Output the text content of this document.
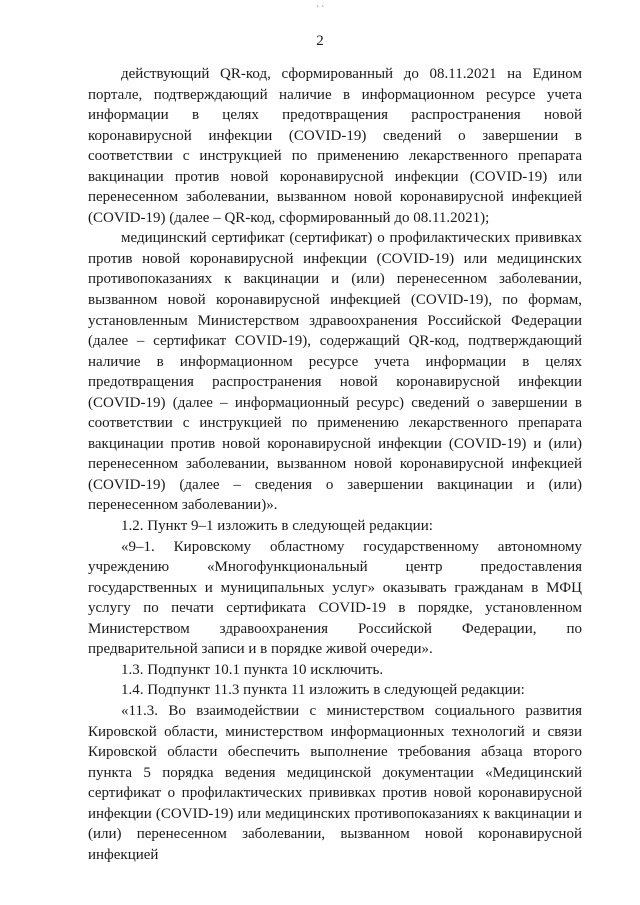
` `
2

действующий QR-код, сформированный до 08.11.2021 на Едином портале, подтверждающий наличие в информационном ресурсе учета информации в целях предотвращения распространения новой коронавирусной инфекции (COVID-19) сведений о завершении в соответствии с инструкцией по применению лекарственного препарата вакцинации против новой коронавирусной инфекции (COVID-19) или перенесенном заболевании, вызванном новой коронавирусной инфекцией (COVID-19) (далее – QR-код, сформированный до 08.11.2021);

медицинский сертификат (сертификат) о профилактических прививках против новой коронавирусной инфекции (COVID-19) или медицинских противопоказаниях к вакцинации и (или) перенесенном заболевании, вызванном новой коронавирусной инфекцией (COVID-19), по формам, установленным Министерством здравоохранения Российской Федерации (далее – сертификат COVID-19), содержащий QR-код, подтверждающий наличие в информационном ресурсе учета информации в целях предотвращения распространения новой коронавирусной инфекции (COVID-19) (далее – информационный ресурс) сведений о завершении в соответствии с инструкцией по применению лекарственного препарата вакцинации против новой коронавирусной инфекции (COVID-19) и (или) перенесенном заболевании, вызванном новой коронавирусной инфекцией (COVID-19) (далее – сведения о завершении вакцинации и (или) перенесенном заболевании)».

1.2. Пункт 9–1 изложить в следующей редакции:

«9–1. Кировскому областному государственному автономному учреждению «Многофункциональный центр предоставления государственных и муниципальных услуг» оказывать гражданам в МФЦ услугу по печати сертификата COVID-19 в порядке, установленном Министерством здравоохранения Российской Федерации, по предварительной записи и в порядке живой очереди».

1.3. Подпункт 10.1 пункта 10 исключить.

1.4. Подпункт 11.3 пункта 11 изложить в следующей редакции:

«11.3. Во взаимодействии с министерством социального развития Кировской области, министерством информационных технологий и связи Кировской области обеспечить выполнение требования абзаца второго пункта 5 порядка ведения медицинской документации «Медицинский сертификат о профилактических прививках против новой коронавирусной инфекции (COVID-19) или медицинских противопоказаниях к вакцинации и (или) перенесенном заболевании, вызванном новой коронавирусной инфекцией
